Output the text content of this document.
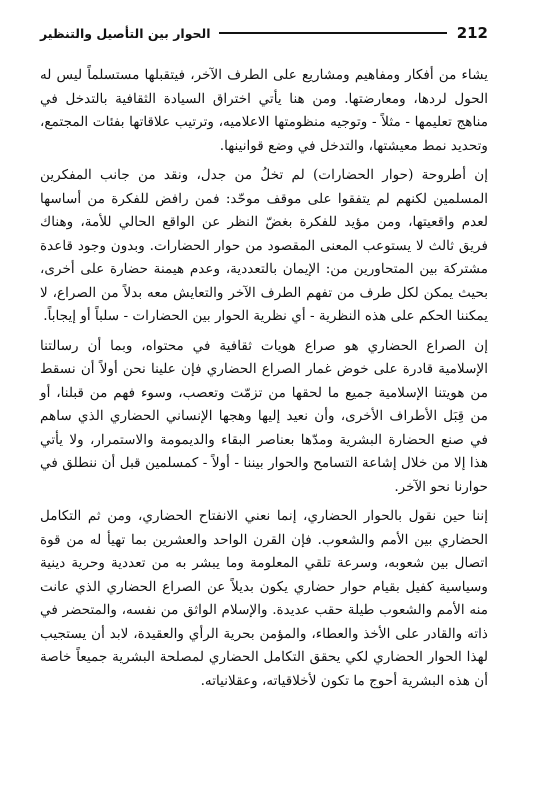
212
الحوار بين التأصيل والتنظير

يشاء من أفكار ومفاهيم ومشاريع على الطرف الآخر، فيتقبلها مستسلماً ليس له الحول لردها، ومعارضتها. ومن هنا يأتي اختراق السيادة الثقافية بالتدخل في مناهج تعليمها - مثلاً - وتوجيه منظومتها الاعلاميه، وترتيب علاقاتها بفئات المجتمع، وتحديد نمط معيشتها، والتدخل في وضع قوانينها.

إن أطروحة (حوار الحضارات) لم تخلُ من جدل، ونقد من جانب المفكرين المسلمين لكنهم لم يتفقوا على موقف موحّد: فمن رافض للفكرة من أساسها لعدم واقعيتها، ومن مؤيد للفكرة بغضّ النظر عن الواقع الحالي للأمة، وهناك فريق ثالث لا يستوعب المعنى المقصود من حوار الحضارات. وبدون وجود قاعدة مشتركة بين المتحاورين من: الإيمان بالتعددية، وعدم هيمنة حضارة على أخرى، بحيث يمكن لكل طرف من تفهم الطرف الآخر والتعايش معه بدلاً من الصراع، لا يمكننا الحكم على هذه النظرية - أي نظرية الحوار بين الحضارات - سلباً أو إيجاباً.

إن الصراع الحضاري هو صراع هويات ثقافية في محتواه، وبما أن رسالتنا الإسلامية قادرة على خوض غمار الصراع الحضاري فإن علينا نحن أولاً أن نسقط من هويتنا الإسلامية جميع ما لحقها من تزمّت وتعصب، وسوء فهم من قبلنا، أو من قِبَل الأطراف الأخرى، وأن نعيد إليها وهجها الإنساني الحضاري الذي ساهم في صنع الحضارة البشرية ومدّها بعناصر البقاء والديمومة والاستمرار، ولا يأتي هذا إلا من خلال إشاعة التسامح والحوار بيننا - أولاً - كمسلمين قبل أن ننطلق في حوارنا نحو الآخر.

إننا حين نقول بالحوار الحضاري، إنما نعني الانفتاح الحضاري، ومن ثم التكامل الحضاري بين الأمم والشعوب. فإن القرن الواحد والعشرين بما تهيأ له من قوة اتصال بين شعوبه، وسرعة تلقي المعلومة وما يبشر به من تعددية وحرية دينية وسياسية كفيل بقيام حوار حضاري يكون بديلاً عن الصراع الحضاري الذي عانت منه الأمم والشعوب طيلة حقب عديدة. والإسلام الواثق من نفسه، والمتحضر في ذاته والقادر على الأخذ والعطاء، والمؤمن بحرية الرأي والعقيدة، لابد أن يستجيب لهذا الحوار الحضاري لكي يحقق التكامل الحضاري لمصلحة البشرية جميعاً خاصة أن هذه البشرية أحوج ما تكون لأخلاقياته، وعقلانياته.
